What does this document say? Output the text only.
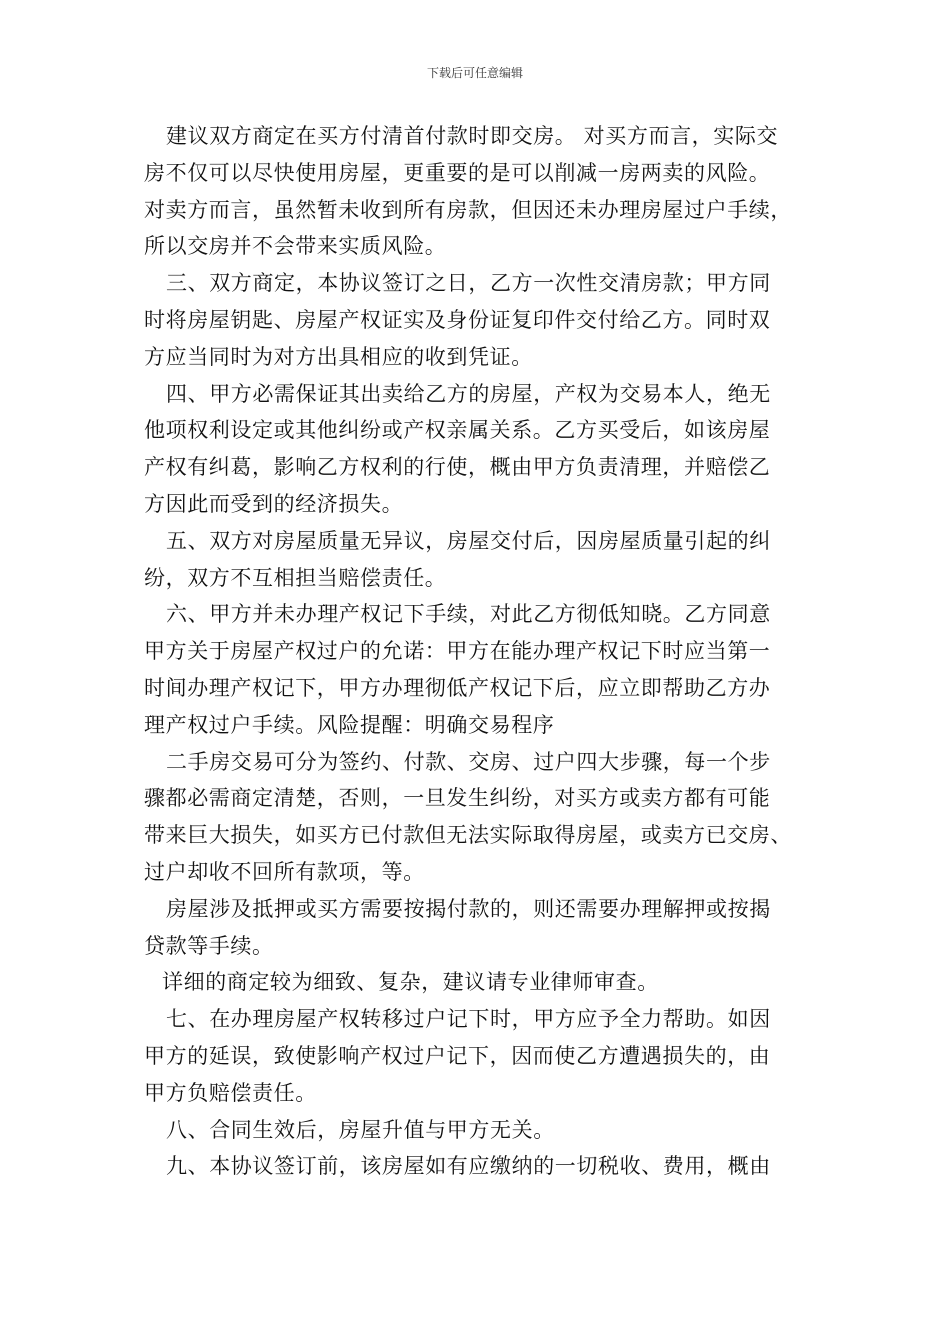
下载后可任意编辑
建议双方商定在买方付清首付款时即交房。 对买方而言，实际交
房不仅可以尽快使用房屋，更重要的是可以削减一房两卖的风险。
对卖方而言，虽然暂未收到所有房款，但因还未办理房屋过户手续，
所以交房并不会带来实质风险。
三、双方商定，本协议签订之日，乙方一次性交清房款；甲方同
时将房屋钥匙、房屋产权证实及身份证复印件交付给乙方。同时双
方应当同时为对方出具相应的收到凭证。
四、甲方必需保证其出卖给乙方的房屋，产权为交易本人，绝无
他项权利设定或其他纠纷或产权亲属关系。乙方买受后，如该房屋
产权有纠葛，影响乙方权利的行使，概由甲方负责清理，并赔偿乙
方因此而受到的经济损失。
五、双方对房屋质量无异议，房屋交付后，因房屋质量引起的纠
纷，双方不互相担当赔偿责任。
六、甲方并未办理产权记下手续，对此乙方彻低知晓。乙方同意
甲方关于房屋产权过户的允诺：甲方在能办理产权记下时应当第一
时间办理产权记下，甲方办理彻低产权记下后，应立即帮助乙方办
理产权过户手续。风险提醒：明确交易程序
二手房交易可分为签约、付款、交房、过户四大步骤，每一个步
骤都必需商定清楚，否则，一旦发生纠纷，对买方或卖方都有可能
带来巨大损失，如买方已付款但无法实际取得房屋，或卖方已交房、
过户却收不回所有款项，等。
房屋涉及抵押或买方需要按揭付款的，则还需要办理解押或按揭
贷款等手续。
详细的商定较为细致、复杂，建议请专业律师审查。
七、在办理房屋产权转移过户记下时，甲方应予全力帮助。如因
甲方的延误，致使影响产权过户记下，因而使乙方遭遇损失的，由
甲方负赔偿责任。
八、合同生效后，房屋升值与甲方无关。
九、本协议签订前，该房屋如有应缴纳的一切税收、费用，概由
